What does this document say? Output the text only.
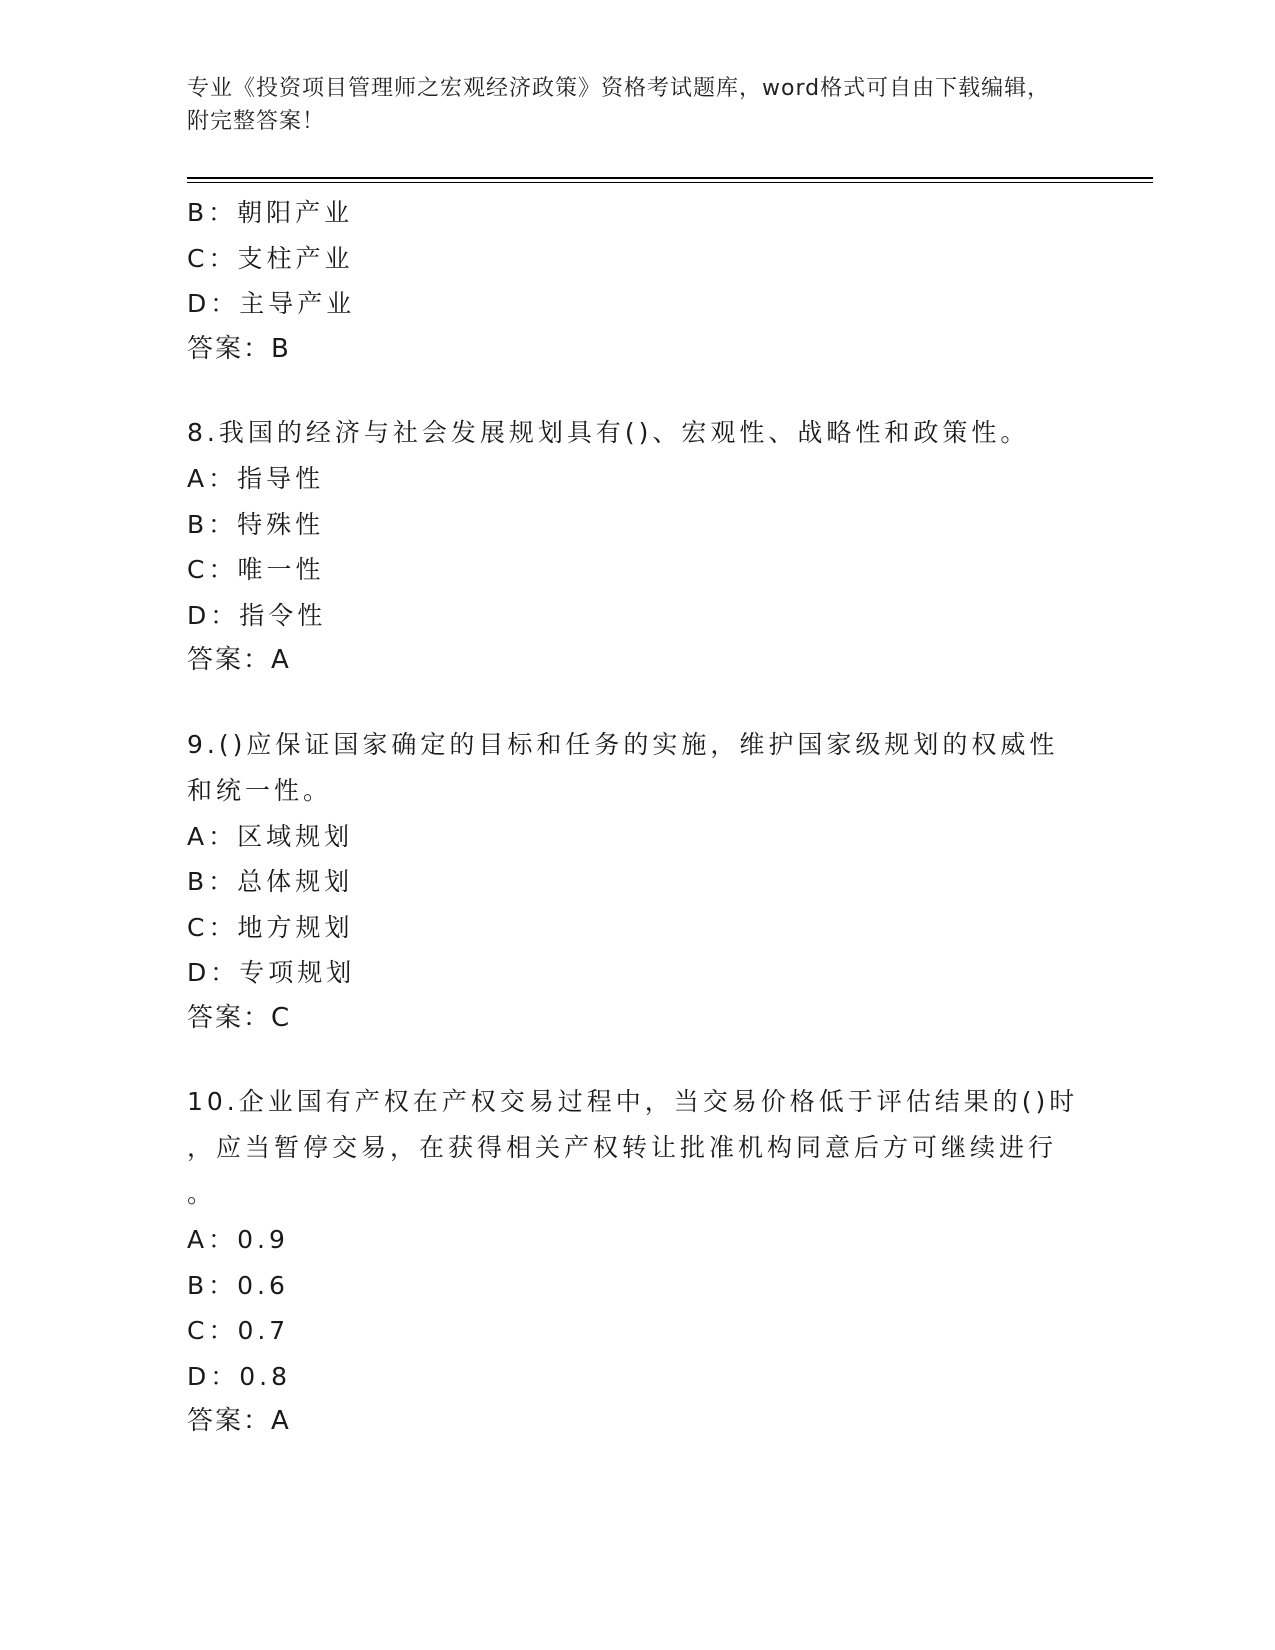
专业《投资项目管理师之宏观经济政策》资格考试题库，word格式可自由下载编辑，附完整答案！
B：朝阳产业
C：支柱产业
D：主导产业
答案：B
8.我国的经济与社会发展规划具有()、宏观性、战略性和政策性。
A：指导性
B：特殊性
C：唯一性
D：指令性
答案：A
9.()应保证国家确定的目标和任务的实施，维护国家级规划的权威性
和统一性。
A：区域规划
B：总体规划
C：地方规划
D：专项规划
答案：C
10.企业国有产权在产权交易过程中，当交易价格低于评估结果的()时
，应当暂停交易，在获得相关产权转让批准机构同意后方可继续进行
。
A：0.9
B：0.6
C：0.7
D：0.8
答案：A
